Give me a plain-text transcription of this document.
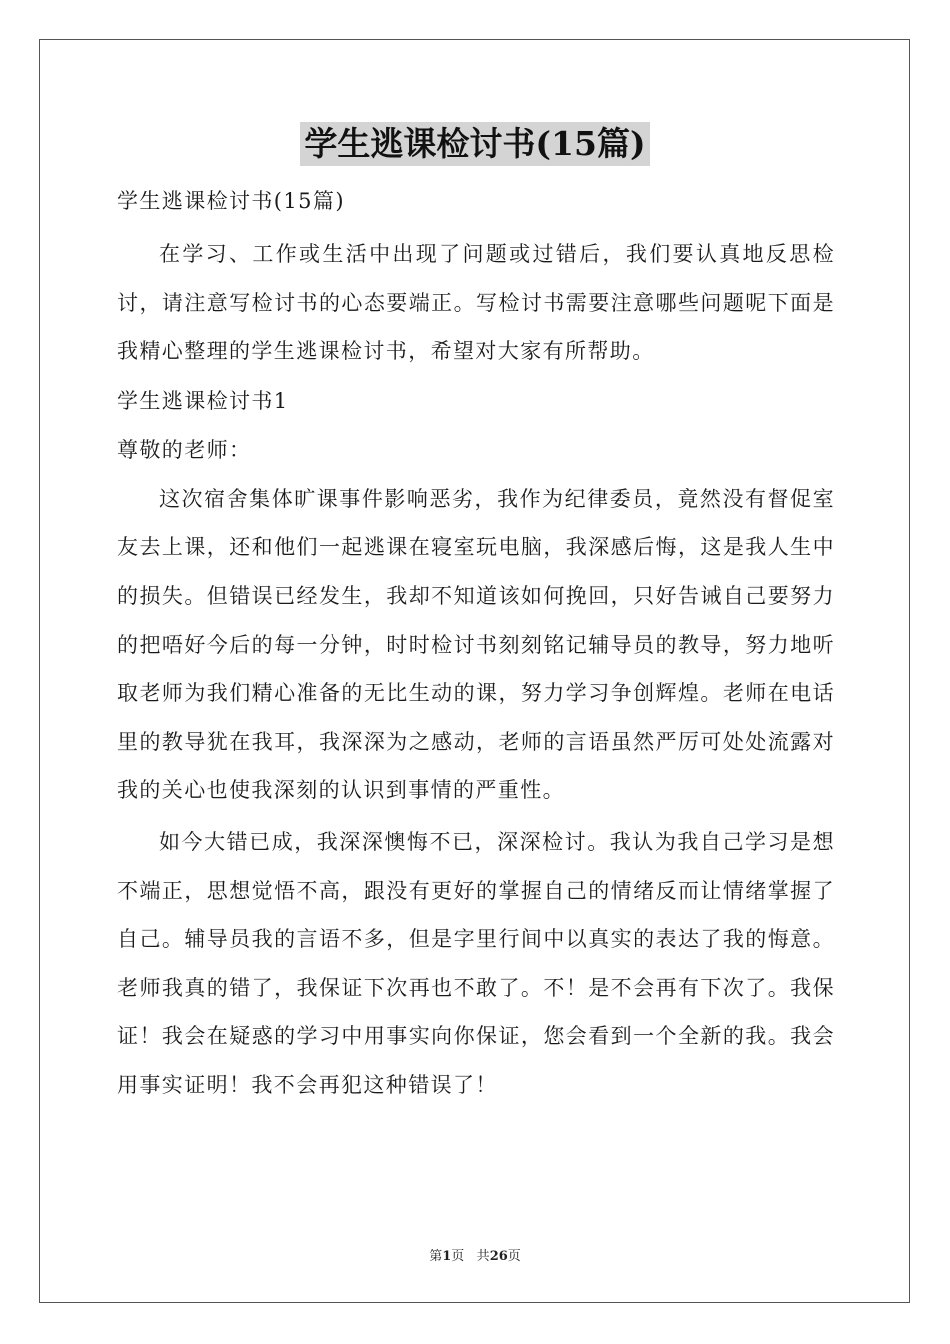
学生逃课检讨书(15篇)

学生逃课检讨书(15篇)

在学习、工作或生活中出现了问题或过错后，我们要认真地反思检讨，请注意写检讨书的心态要端正。写检讨书需要注意哪些问题呢下面是我精心整理的学生逃课检讨书，希望对大家有所帮助。

学生逃课检讨书1

尊敬的老师：

这次宿舍集体旷课事件影响恶劣，我作为纪律委员，竟然没有督促室友去上课，还和他们一起逃课在寝室玩电脑，我深感后悔，这是我人生中的损失。但错误已经发生，我却不知道该如何挽回，只好告诫自己要努力的把唔好今后的每一分钟，时时检讨书刻刻铭记辅导员的教导，努力地听取老师为我们精心准备的无比生动的课，努力学习争创辉煌。老师在电话里的教导犹在我耳，我深深为之感动，老师的言语虽然严厉可处处流露对我的关心也使我深刻的认识到事情的严重性。

如今大错已成，我深深懊悔不已，深深检讨。我认为我自己学习是想不端正，思想觉悟不高，跟没有更好的掌握自己的情绪反而让情绪掌握了自己。辅导员我的言语不多，但是字里行间中以真实的表达了我的悔意。老师我真的错了，我保证下次再也不敢了。不！是不会再有下次了。我保证！我会在疑惑的学习中用事实向你保证，您会看到一个全新的我。我会用事实证明！我不会再犯这种错误了！

第1页 共26页
